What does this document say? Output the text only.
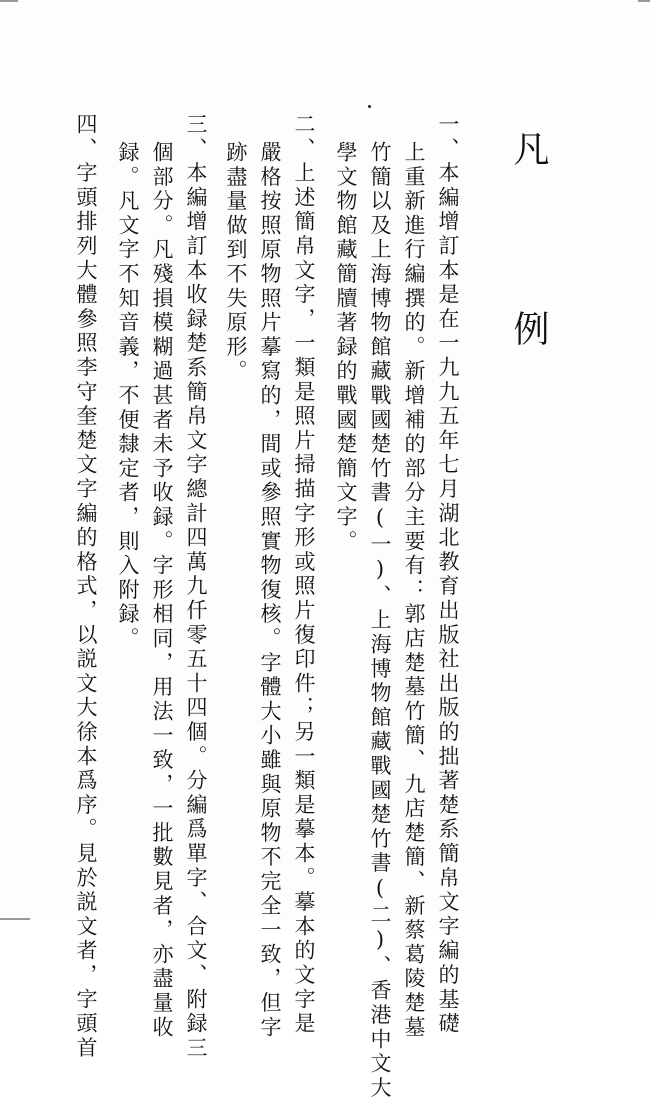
凡　例
一、本編增訂本是在一九九五年七月湖北教育出版社出版的拙著楚系簡帛文字編的基礎
上重新進行編撰的。新增補的部分主要有：郭店楚墓竹簡、九店楚簡、新蔡葛陵楚墓
竹簡以及上海博物館藏戰國楚竹書(一)、上海博物館藏戰國楚竹書(二)、香港中文大
學文物館藏簡牘著録的戰國楚簡文字。
二、上述簡帛文字，一類是照片掃描字形或照片復印件；另一類是摹本。摹本的文字是
嚴格按照原物照片摹寫的，間或參照實物復核。字體大小雖與原物不完全一致，但字
跡盡量做到不失原形。
三、本編增訂本收録楚系簡帛文字總計四萬九仟零五十四個。分編爲單字、合文、附録三
個部分。凡殘損模糊過甚者未予收録。字形相同，用法一致，一批數見者，亦盡量收
録。凡文字不知音義，不便隸定者，則入附録。
四、字頭排列大體參照李守奎楚文字編的格式，以説文大徐本爲序。見於説文者，字頭首
